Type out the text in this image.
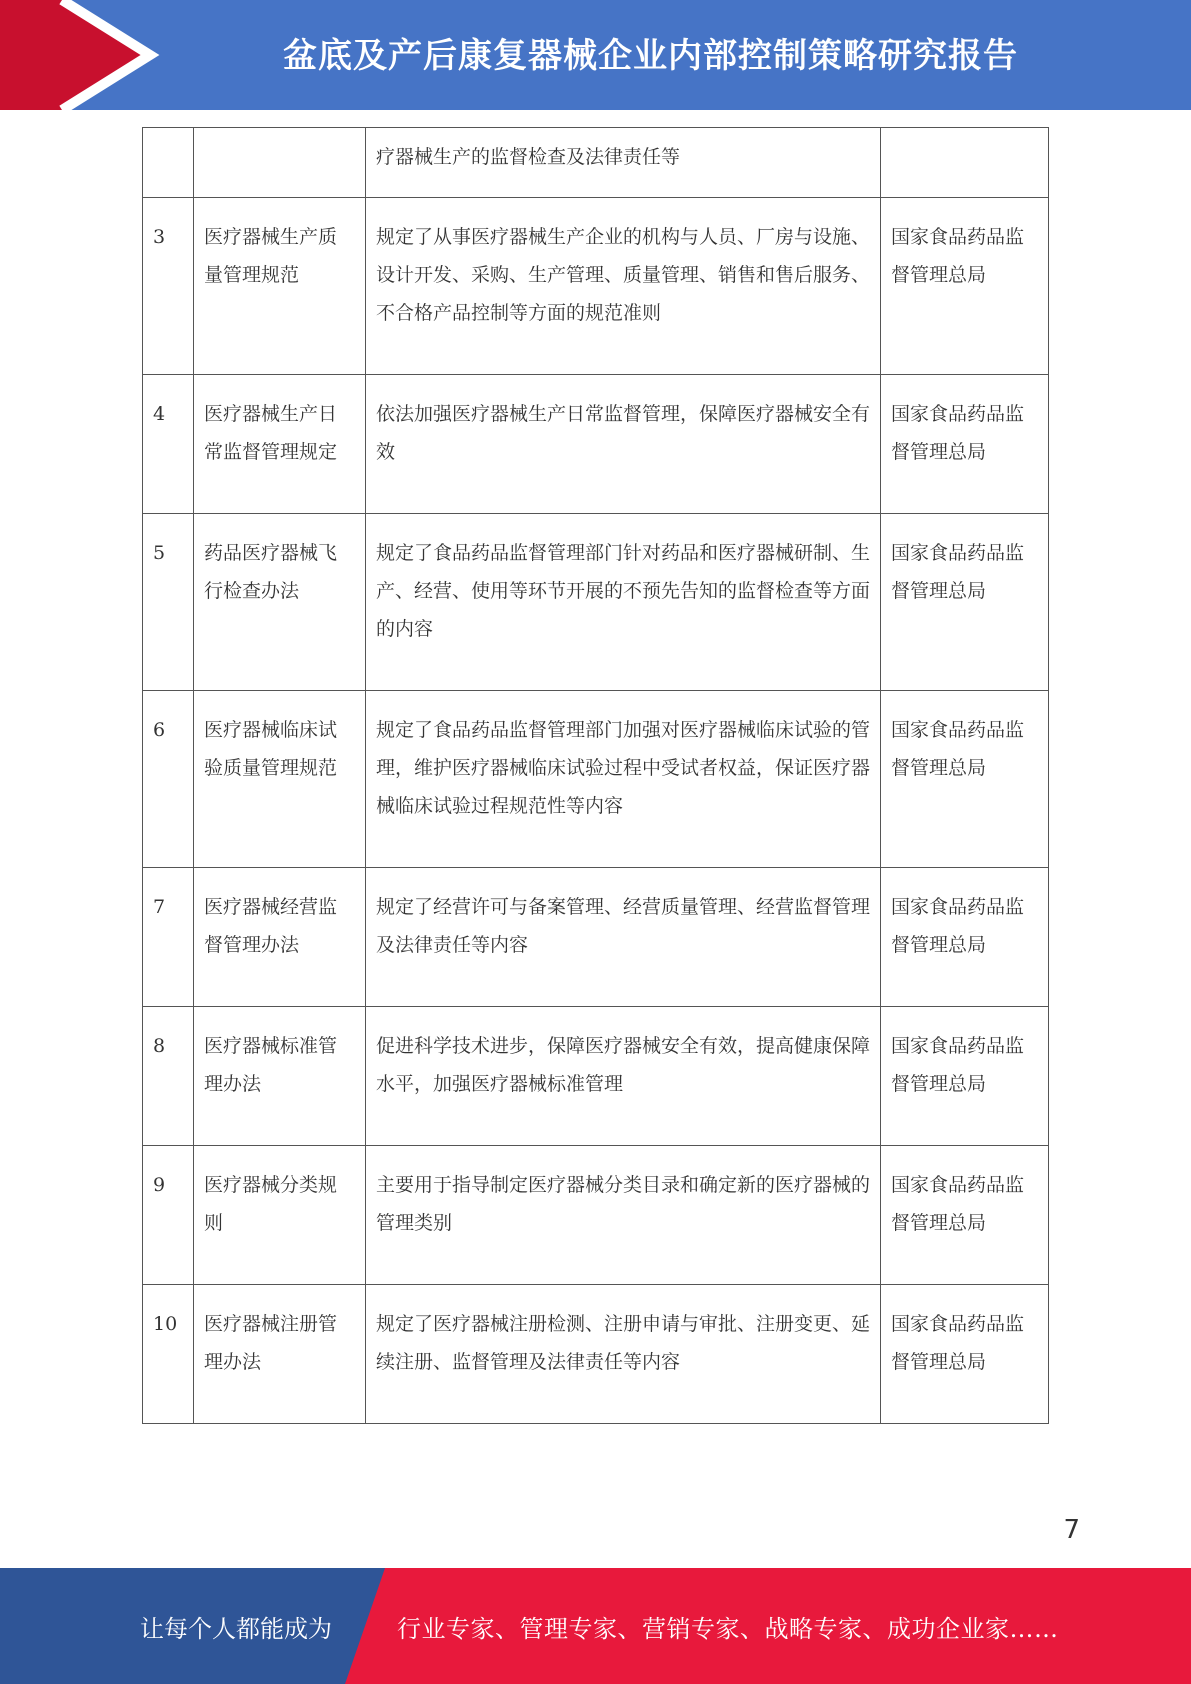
盆底及产后康复器械企业内部控制策略研究报告

		疗器械生产的监督检查及法律责任等	

3	医疗器械生产质量管理规范	规定了从事医疗器械生产企业的机构与人员、厂房与设施、设计开发、采购、生产管理、质量管理、销售和售后服务、不合格产品控制等方面的规范准则	国家食品药品监督管理总局

4	医疗器械生产日常监督管理规定	依法加强医疗器械生产日常监督管理，保障医疗器械安全有效	国家食品药品监督管理总局

5	药品医疗器械飞行检查办法	规定了食品药品监督管理部门针对药品和医疗器械研制、生产、经营、使用等环节开展的不预先告知的监督检查等方面的内容	国家食品药品监督管理总局

6	医疗器械临床试验质量管理规范	规定了食品药品监督管理部门加强对医疗器械临床试验的管理，维护医疗器械临床试验过程中受试者权益，保证医疗器械临床试验过程规范性等内容	国家食品药品监督管理总局

7	医疗器械经营监督管理办法	规定了经营许可与备案管理、经营质量管理、经营监督管理及法律责任等内容	国家食品药品监督管理总局

8	医疗器械标准管理办法	促进科学技术进步，保障医疗器械安全有效，提高健康保障水平，加强医疗器械标准管理	国家食品药品监督管理总局

9	医疗器械分类规则	主要用于指导制定医疗器械分类目录和确定新的医疗器械的管理类别	国家食品药品监督管理总局

10	医疗器械注册管理办法	规定了医疗器械注册检测、注册申请与审批、注册变更、延续注册、监督管理及法律责任等内容	国家食品药品监督管理总局
7
让每个人都能成为	行业专家、管理专家、营销专家、战略专家、成功企业家……
